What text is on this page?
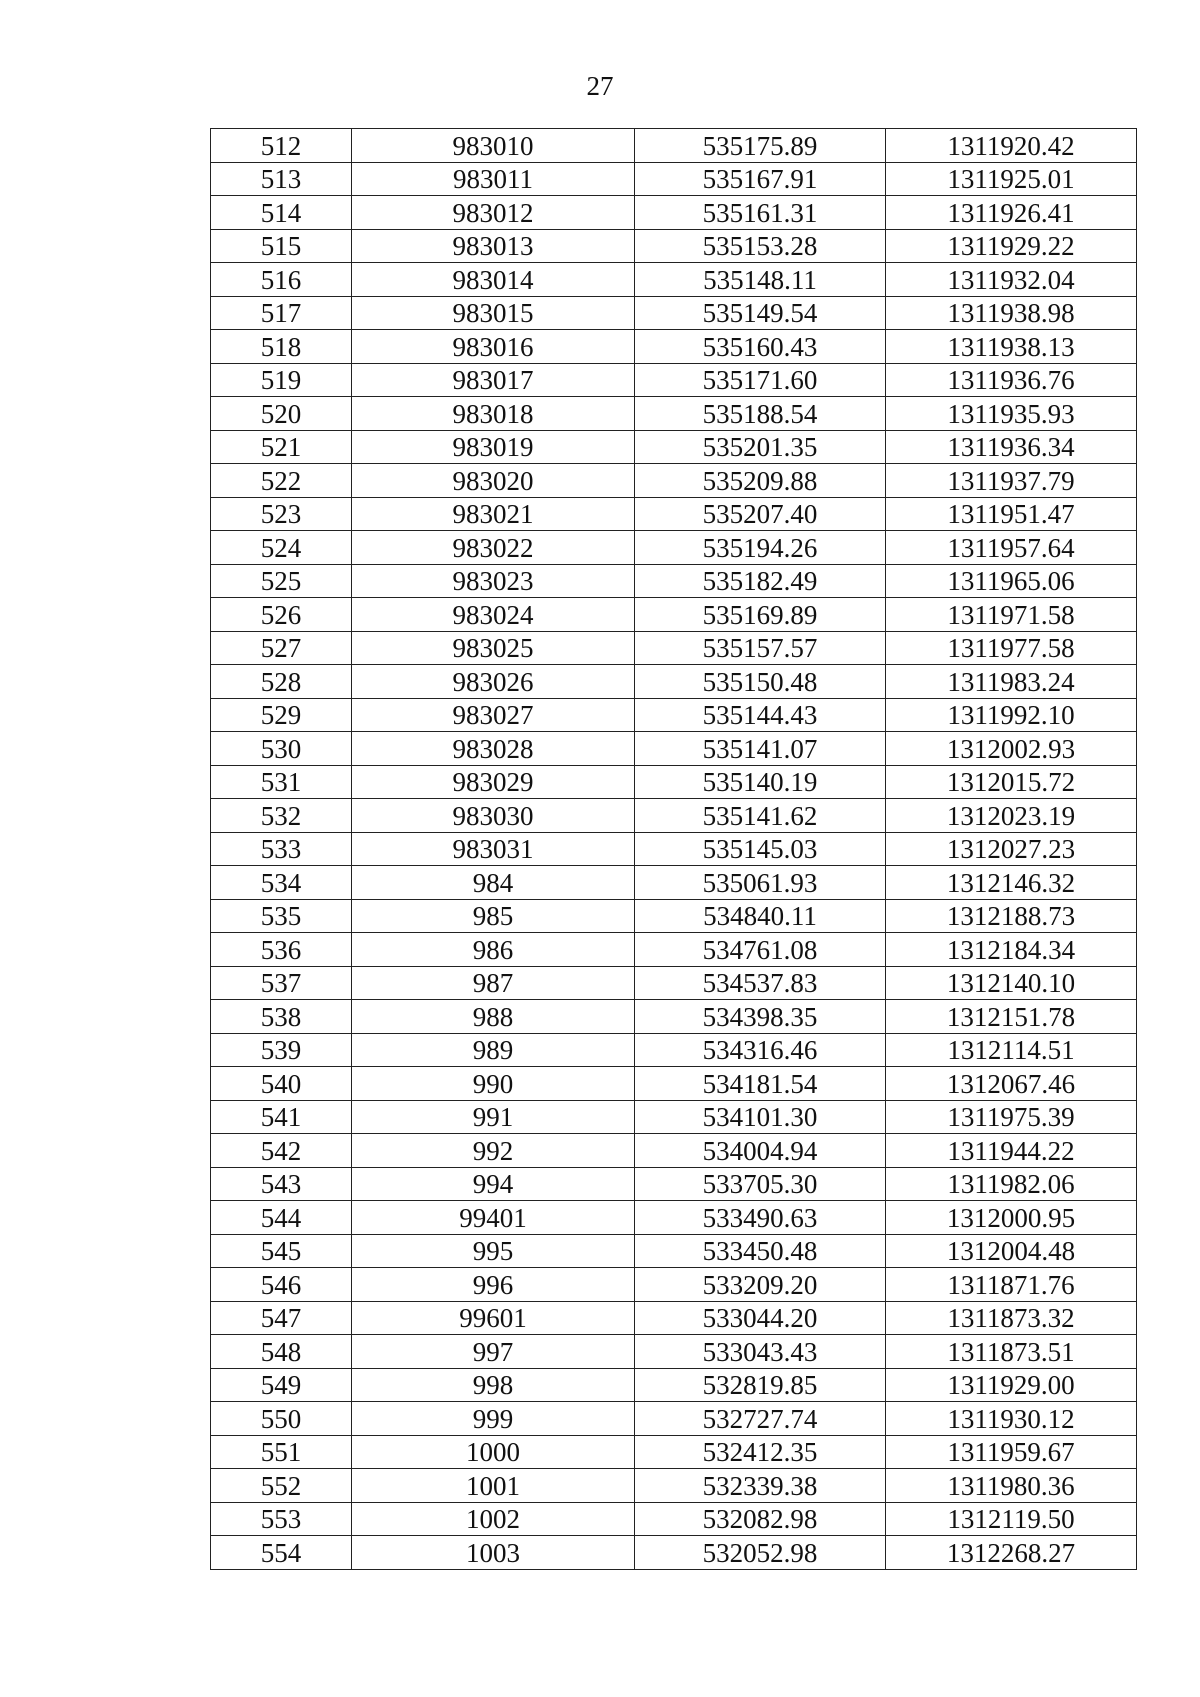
27
512	983010	535175.89	1311920.42
513	983011	535167.91	1311925.01
514	983012	535161.31	1311926.41
515	983013	535153.28	1311929.22
516	983014	535148.11	1311932.04
517	983015	535149.54	1311938.98
518	983016	535160.43	1311938.13
519	983017	535171.60	1311936.76
520	983018	535188.54	1311935.93
521	983019	535201.35	1311936.34
522	983020	535209.88	1311937.79
523	983021	535207.40	1311951.47
524	983022	535194.26	1311957.64
525	983023	535182.49	1311965.06
526	983024	535169.89	1311971.58
527	983025	535157.57	1311977.58
528	983026	535150.48	1311983.24
529	983027	535144.43	1311992.10
530	983028	535141.07	1312002.93
531	983029	535140.19	1312015.72
532	983030	535141.62	1312023.19
533	983031	535145.03	1312027.23
534	984	535061.93	1312146.32
535	985	534840.11	1312188.73
536	986	534761.08	1312184.34
537	987	534537.83	1312140.10
538	988	534398.35	1312151.78
539	989	534316.46	1312114.51
540	990	534181.54	1312067.46
541	991	534101.30	1311975.39
542	992	534004.94	1311944.22
543	994	533705.30	1311982.06
544	99401	533490.63	1312000.95
545	995	533450.48	1312004.48
546	996	533209.20	1311871.76
547	99601	533044.20	1311873.32
548	997	533043.43	1311873.51
549	998	532819.85	1311929.00
550	999	532727.74	1311930.12
551	1000	532412.35	1311959.67
552	1001	532339.38	1311980.36
553	1002	532082.98	1312119.50
554	1003	532052.98	1312268.27
